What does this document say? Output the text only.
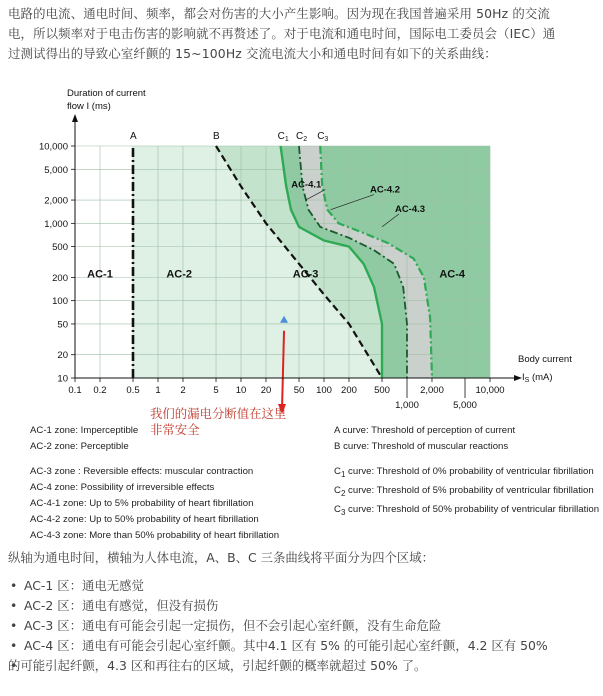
电路的电流、通电时间、频率，都会对伤害的大小产生影响。因为现在我国普遍采用 50Hz 的交流

电，所以频率对于电击伤害的影响就不再赘述了。对于电流和通电时间，国际电工委员会（IEC）通

过测试得出的导致心室纤颤的 15~100Hz 交流电流大小和通电时间有如下的关系曲线：

A	B	$C_1$ $C_2$ $C_3$
AC-1	AC-2	AC-3	AC-4
AC-4.1	AC-4.2
AC-4.3
10
20
50
100
200
500
1,000
2,000
5,000
10,000
0.1 0.2 0.5 1 2	5 10 20 50 100 200 500	2,000	10,000
1,000	5,000
Duration of current
flow I (ms)
Body current
$I_S$ (mA)
我们的漏电分断值在这里
非常安全
AC-1 zone: Imperceptible
AC-2 zone: Perceptible
AC-3 zone : Reversible effects: muscular contraction
AC-4 zone: Possibility of irreversible effects
AC-4-1 zone: Up to 5% probability of heart fibrillation
AC-4-2 zone: Up to 50% probability of heart fibrillation
AC-4-3 zone: More than 50% probability of heart fibrillation
A curve: Threshold of perception of current
B curve: Threshold of muscular reactions
$C_1$ curve: Threshold of 0% probability of ventricular fibrillation
$C_2$ curve: Threshold of 5% probability of ventricular fibrillation
$C_3$ curve: Threshold of 50% probability of ventricular fibrillation
纵轴为通电时间，横轴为人体电流，A、B、C 三条曲线将平面分为四个区域：
• AC-1 区：通电无感觉
• AC-2 区：通电有感觉，但没有损伤
• AC-3 区：通电有可能会引起一定损伤，但不会引起心室纤颤，没有生命危险
• AC-4 区：通电有可能会引起心室纤颤。其中4.1 区有 5% 的可能引起心室纤颤，4.2 区有 50%
• 的可能引起纤颤，4.3 区和再往右的区域，引起纤颤的概率就超过 50% 了。
